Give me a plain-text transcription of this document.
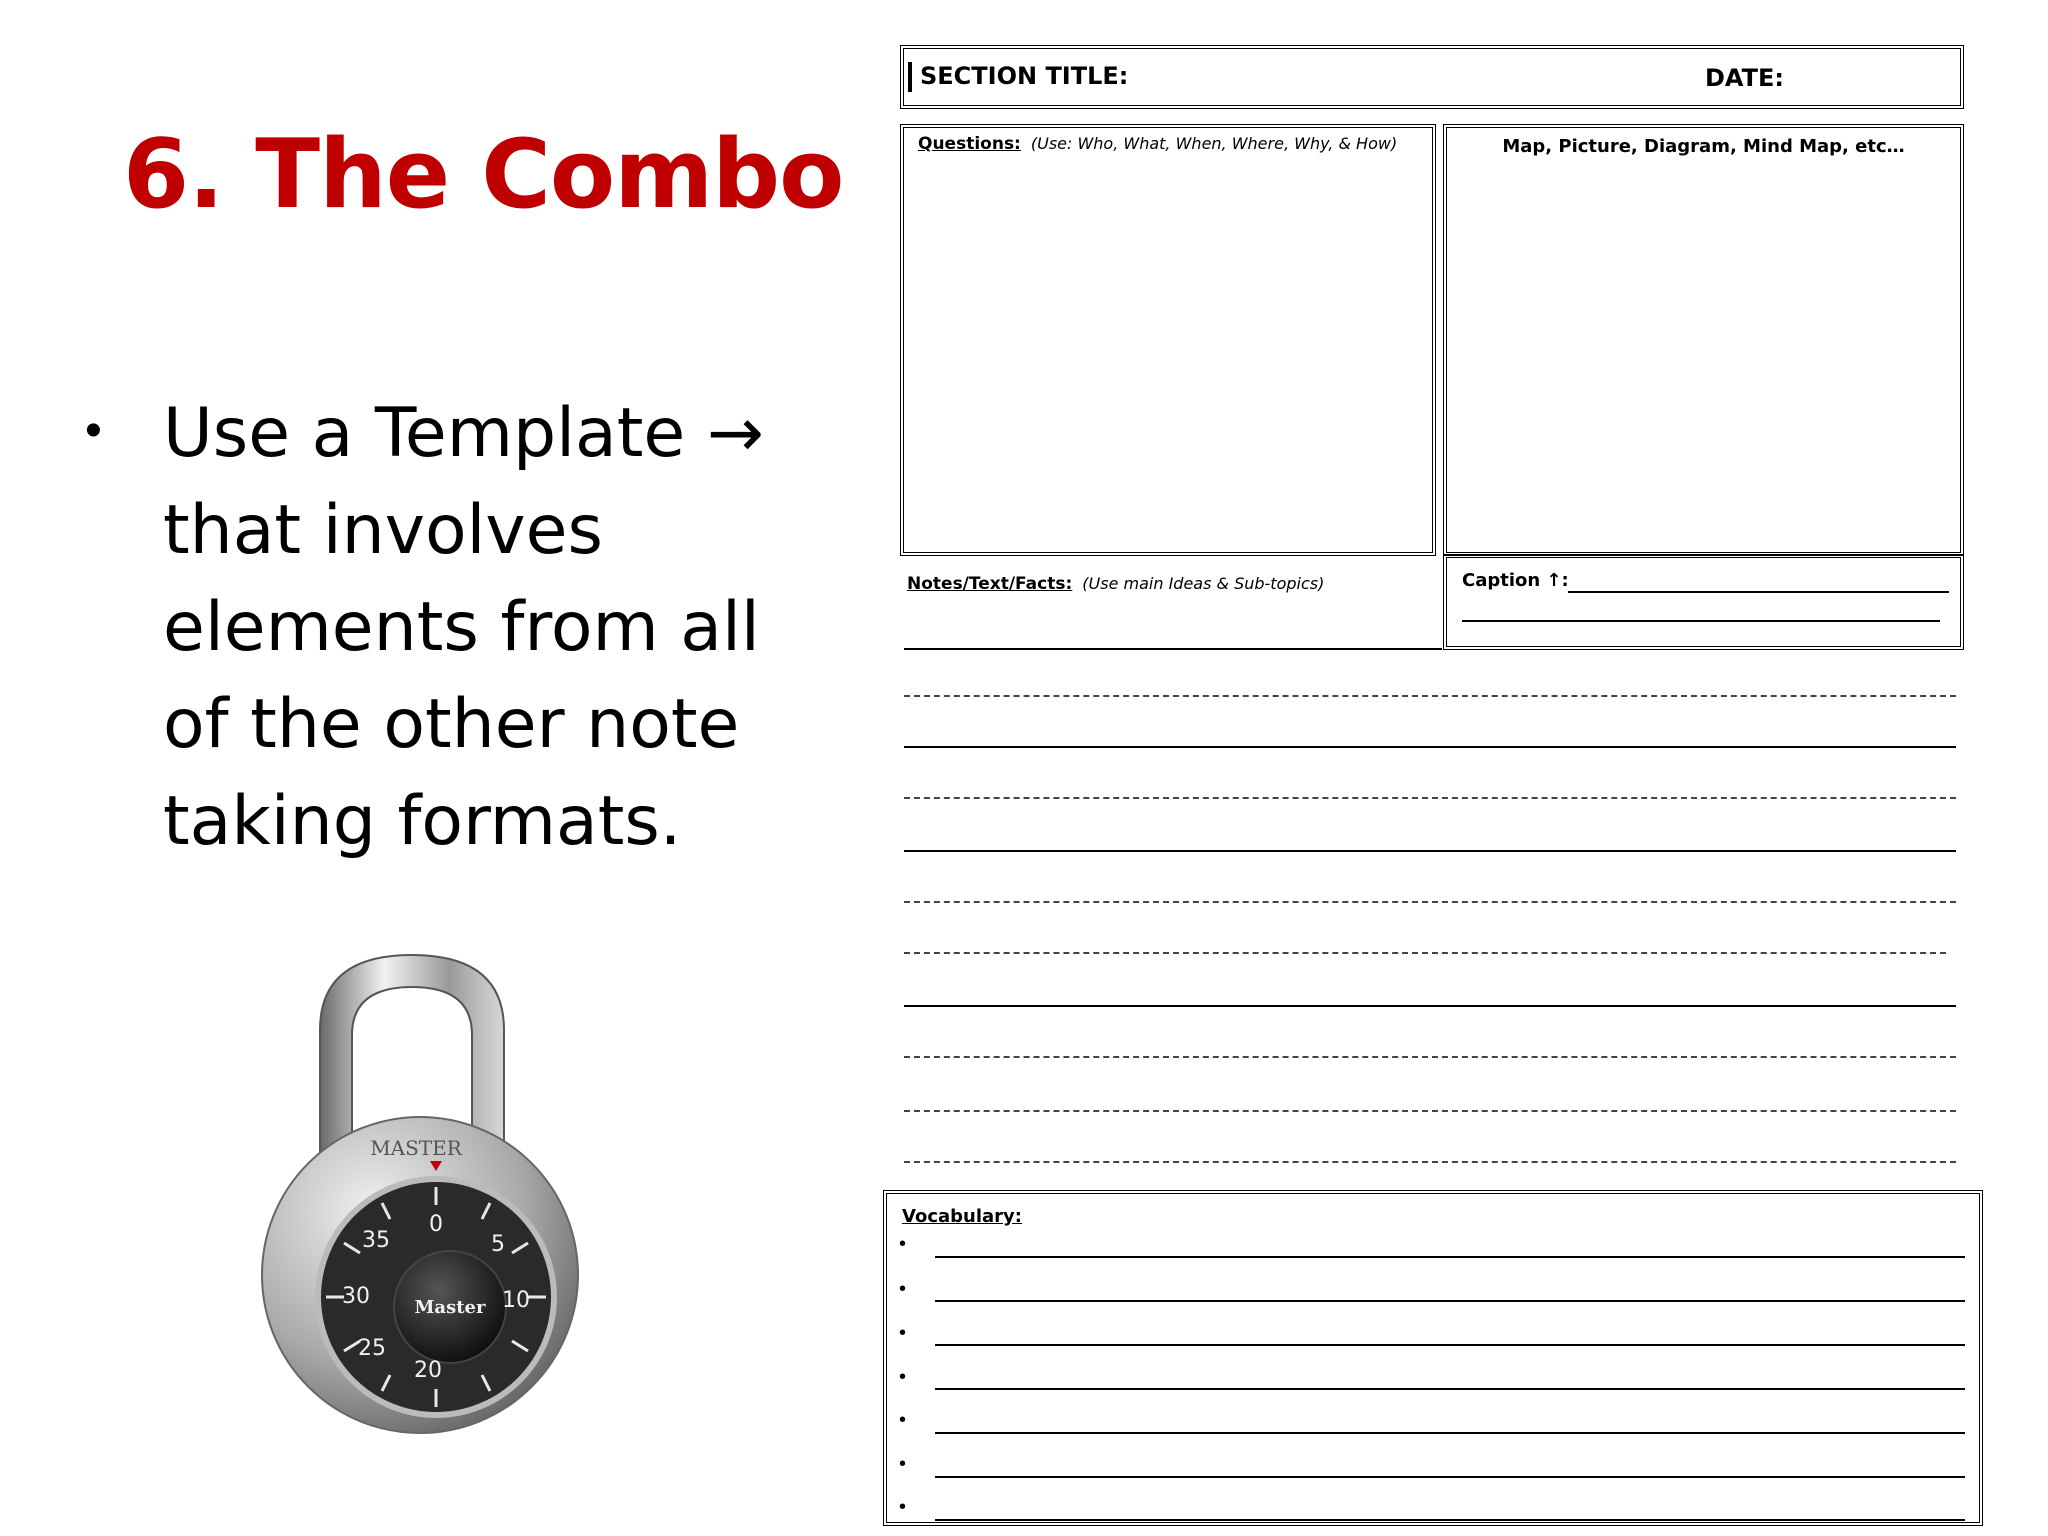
6. The Combo
• Use a Template →
that involves
elements from all
of the other note
taking formats.
Master
MASTER
0
5
10
20
25
30
35
SECTION TITLE:	DATE:
Questions: (Use: Who, What, When, Where, Why, & How)	Map, Picture, Diagram, Mind Map, etc…
Caption ↑:
Notes/Text/Facts: (Use main Ideas & Sub-topics)
Vocabulary:
•
•
•
•
•
•
•
